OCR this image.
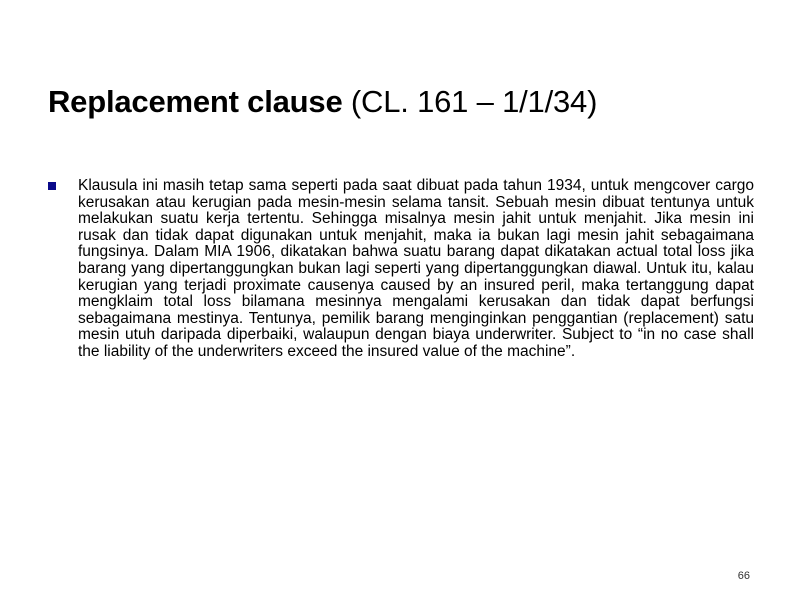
Replacement clause (CL. 161 – 1/1/34)
Klausula ini masih tetap sama seperti pada saat dibuat pada tahun 1934, untuk mengcover cargo kerusakan atau kerugian pada mesin-mesin selama tansit. Sebuah mesin dibuat tentunya untuk melakukan suatu kerja tertentu. Sehingga misalnya mesin jahit untuk menjahit. Jika mesin ini rusak dan tidak dapat digunakan untuk menjahit, maka ia bukan lagi mesin jahit sebagaimana fungsinya. Dalam MIA 1906, dikatakan bahwa suatu barang dapat dikatakan actual total loss jika barang yang dipertanggungkan bukan lagi seperti yang dipertanggungkan diawal. Untuk itu, kalau kerugian yang terjadi proximate causenya caused by an insured peril, maka tertanggung dapat mengklaim total loss bilamana mesinnya mengalami kerusakan dan tidak dapat berfungsi sebagaimana mestinya. Tentunya, pemilik barang menginginkan penggantian (replacement) satu mesin utuh daripada diperbaiki, walaupun dengan biaya underwriter. Subject to “in no case shall the liability of the underwriters exceed the insured value of the machine”.
66
